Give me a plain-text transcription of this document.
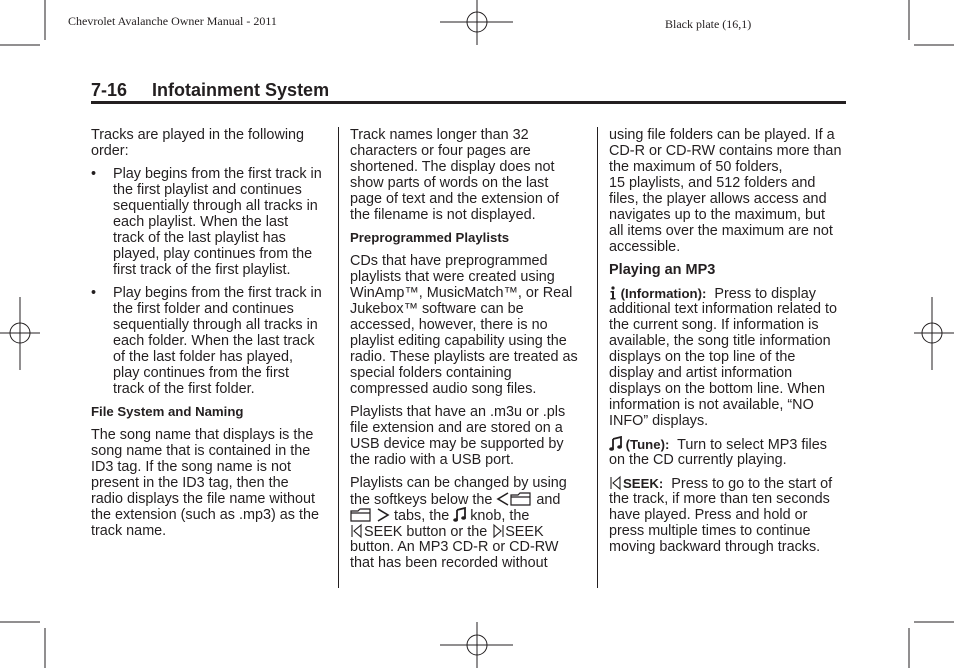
Chevrolet Avalanche Owner Manual - 2011	Black plate (16,1)
7-16 Infotainment System
Tracks are played in the following
order:
• Play begins from the first track in
the first playlist and continues
sequentially through all tracks in
each playlist. When the last
track of the last playlist has
played, play continues from the
first track of the first playlist.
• Play begins from the first track in
the first folder and continues
sequentially through all tracks in
each folder. When the last track
of the last folder has played,
play continues from the first
track of the first folder.
File System and Naming
The song name that displays is the
song name that is contained in the
ID3 tag. If the song name is not
present in the ID3 tag, then the
radio displays the file name without
the extension (such as .mp3) as the
track name.
Track names longer than 32
characters or four pages are
shortened. The display does not
show parts of words on the last
page of text and the extension of
the filename is not displayed.
Preprogrammed Playlists
CDs that have preprogrammed
playlists that were created using
WinAmp™, MusicMatch™, or Real
Jukebox™ software can be
accessed, however, there is no
playlist editing capability using the
radio. These playlists are treated as
special folders containing
compressed audio song files.
Playlists that have an .m3u or .pls
file extension and are stored on a
USB device may be supported by
the radio with a USB port.
Playlists can be changed by using
the softkeys below the	and
tabs, the  knob, the
SEEK button or the SEEK
button. An MP3 CD-R or CD-RW
that has been recorded without
using file folders can be played. If a
CD-R or CD-RW contains more than
the maximum of 50 folders,
15 playlists, and 512 folders and
files, the player allows access and
navigates up to the maximum, but
all items over the maximum are not
accessible.
Playing an MP3
(Information):  Press to display
additional text information related to
the current song. If information is
available, the song title information
displays on the top line of the
display and artist information
displays on the bottom line. When
information is not available, “NO
INFO” displays.
(Tune):  Turn to select MP3 files
on the CD currently playing.
SEEK:  Press to go to the start of
the track, if more than ten seconds
have played. Press and hold or
press multiple times to continue
moving backward through tracks.
